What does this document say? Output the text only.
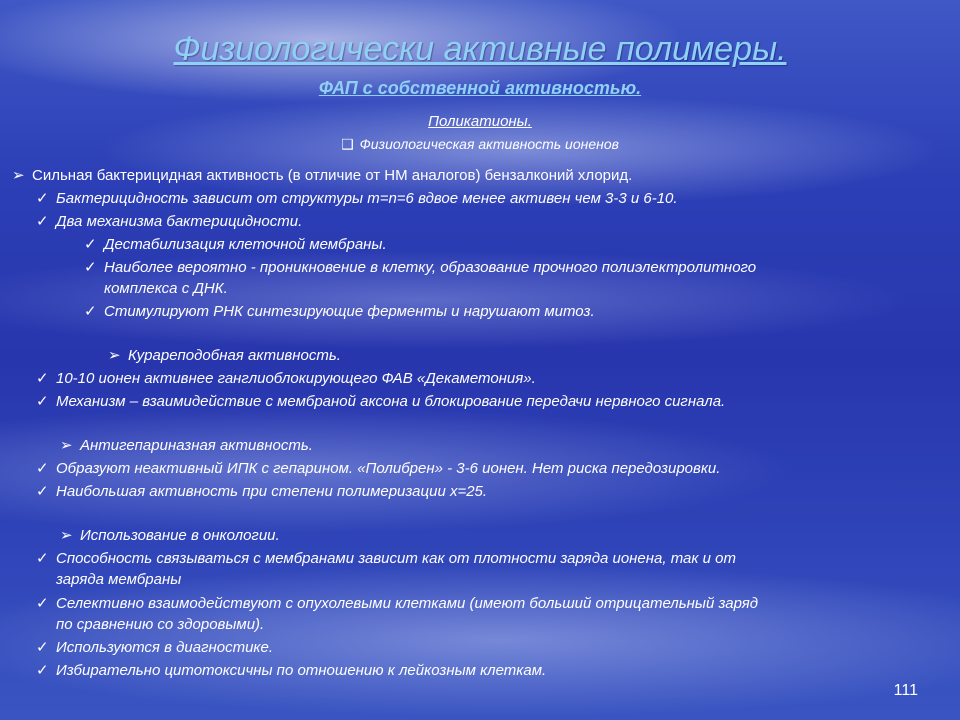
Физиологически активные полимеры.
ФАП с собственной активностью.
Поликатионы.
❑ Физиологическая активность ионенов
➢ Сильная бактерицидная активность (в отличие от НМ аналогов) бензалконий хлорид.
✓ Бактерицидность зависит от структуры m=n=6 вдвое менее активен чем 3-3 и 6-10.
✓ Два механизма бактерицидности.
✓ Дестабилизация клеточной мембраны.
✓ Наиболее вероятно - проникновение в клетку, образование прочного полиэлектролитного
комплекса с ДНК.
✓ Стимулируют РНК синтезирующие ферменты и нарушают митоз.
➢ Курареподобная активность.
✓ 10-10 ионен активнее ганглиоблокирующего ФАВ «Декаметония».
✓ Механизм – взаимидействие с мембраной аксона и блокирование передачи нервного сигнала.
➢ Антигепариназная активность.
✓ Образуют неактивный ИПК с гепарином. «Полибрен» - 3-6 ионен. Нет риска передозировки.
✓ Наибольшая активность при степени полимеризации x=25.
➢ Использование в онкологии.
✓ Способность связываться с мембранами зависит как от плотности заряда ионена, так и от
заряда мембраны
✓ Селективно взаимодействуют с опухолевыми клетками (имеют больший отрицательный заряд
по сравнению со здоровыми).
✓ Используются в диагностике.
✓ Избирательно цитотоксичны по отношению к лейкозным клеткам.
111
